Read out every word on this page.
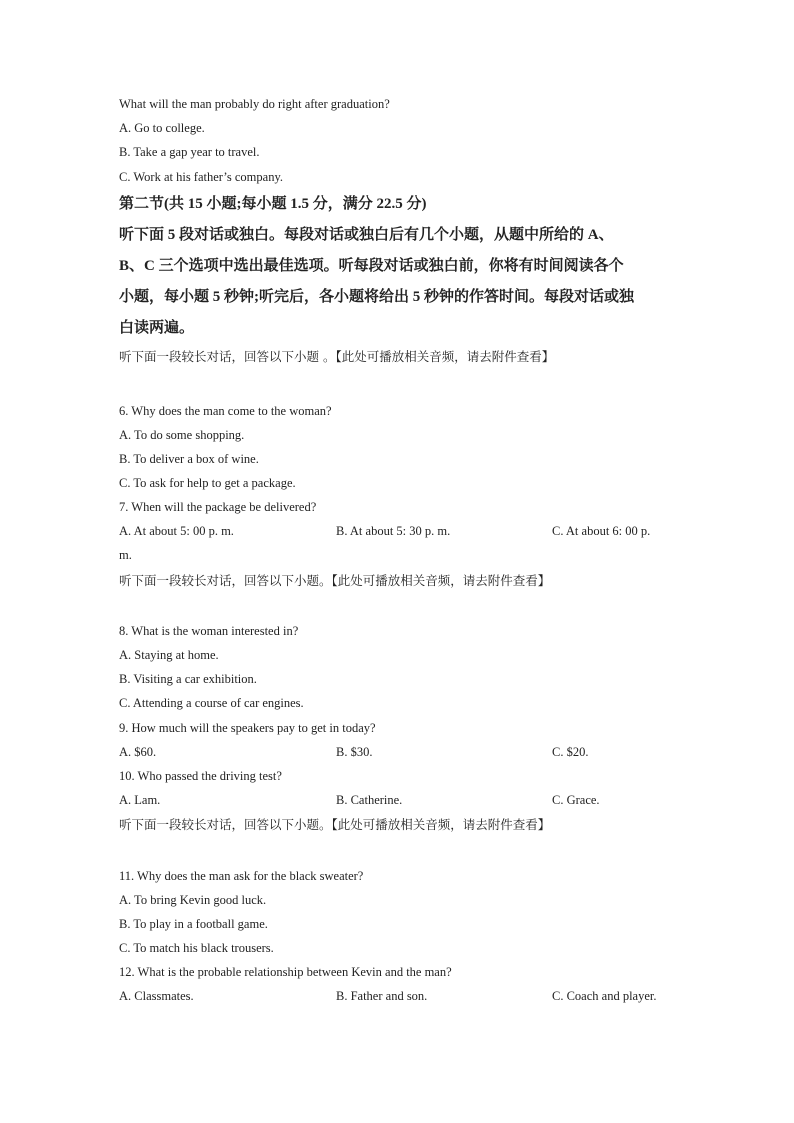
What will the man probably do right after graduation?
A. Go to college.
B. Take a gap year to travel.
C. Work at his father’s company.
第二节(共 15 小题;每小题 1.5 分，满分 22.5 分)
听下面 5 段对话或独白。每段对话或独白后有几个小题，从题中所给的 A、
B、C 三个选项中选出最佳选项。听每段对话或独白前，你将有时间阅读各个
小题，每小题 5 秒钟;听完后，各小题将给出 5 秒钟的作答时间。每段对话或独
白读两遍。
听下面一段较长对话，回答以下小题 。【此处可播放相关音频，请去附件查看】
6. Why does the man come to the woman?
A. To do some shopping.
B. To deliver a box of wine.
C. To ask for help to get a package.
7. When will the package be delivered?
A. At about 5: 00 p. m.	B. At about 5: 30 p. m.	C. At about 6: 00 p.
m.
听下面一段较长对话，回答以下小题。【此处可播放相关音频，请去附件查看】
8. What is the woman interested in?
A. Staying at home.
B. Visiting a car exhibition.
C. Attending a course of car engines.
9. How much will the speakers pay to get in today?
A. $60.	B. $30.	C. $20.
10. Who passed the driving test?
A. Lam.	B. Catherine.	C. Grace.
听下面一段较长对话，回答以下小题。【此处可播放相关音频，请去附件查看】
11. Why does the man ask for the black sweater?
A. To bring Kevin good luck.
B. To play in a football game.
C. To match his black trousers.
12. What is the probable relationship between Kevin and the man?
A. Classmates.	B. Father and son.	C. Coach and player.
